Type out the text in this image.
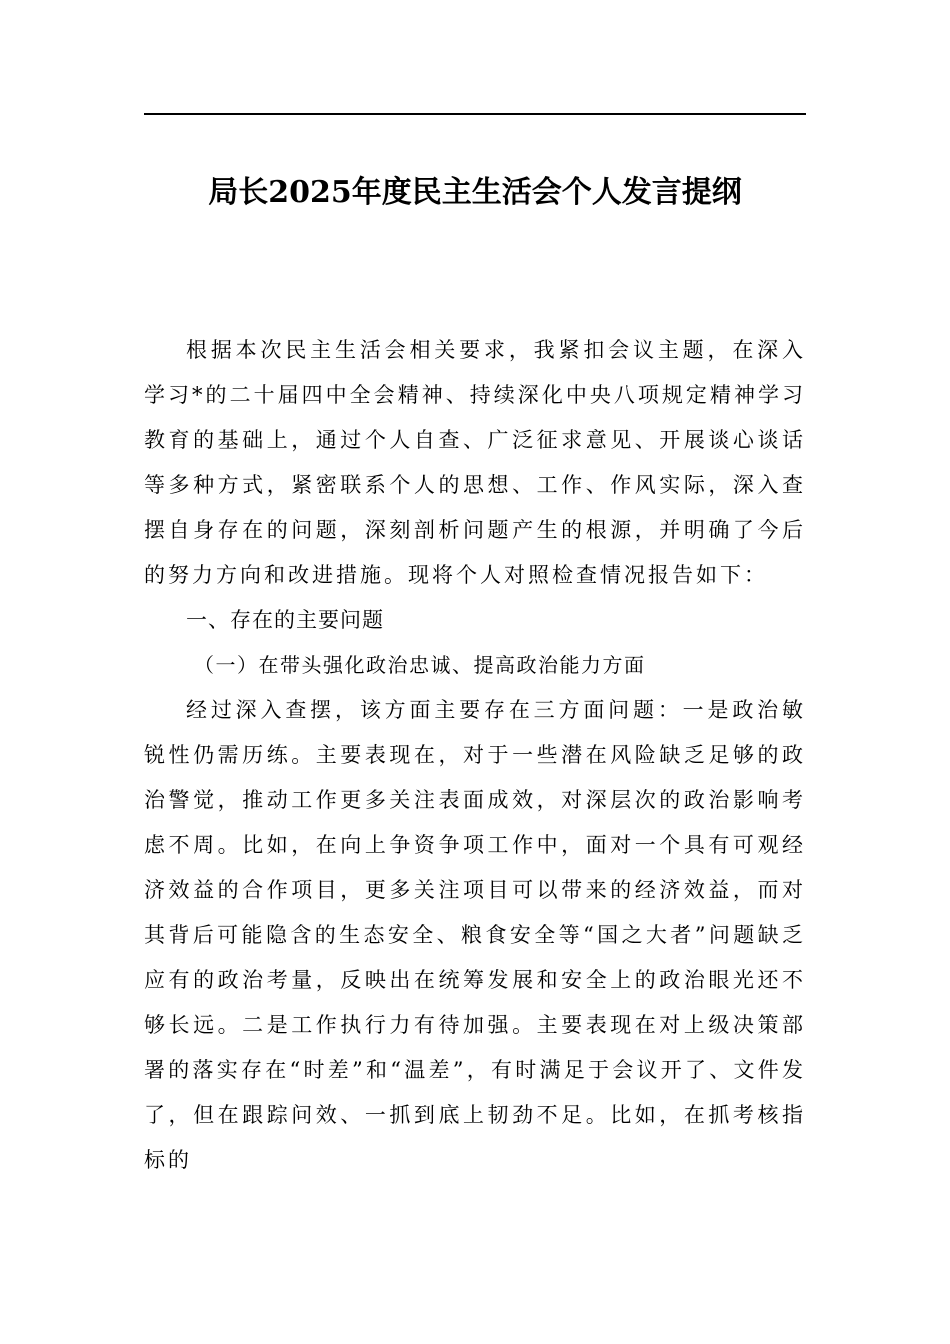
局长2025年度民主生活会个人发言提纲

根据本次民主生活会相关要求，我紧扣会议主题，在深入学习*的二十届四中全会精神、持续深化中央八项规定精神学习教育的基础上，通过个人自查、广泛征求意见、开展谈心谈话等多种方式，紧密联系个人的思想、工作、作风实际，深入查摆自身存在的问题，深刻剖析问题产生的根源，并明确了今后的努力方向和改进措施。现将个人对照检查情况报告如下：

一、存在的主要问题

（一）在带头强化政治忠诚、提高政治能力方面

经过深入查摆，该方面主要存在三方面问题：一是政治敏锐性仍需历练。主要表现在，对于一些潜在风险缺乏足够的政治警觉，推动工作更多关注表面成效，对深层次的政治影响考虑不周。比如，在向上争资争项工作中，面对一个具有可观经济效益的合作项目，更多关注项目可以带来的经济效益，而对其背后可能隐含的生态安全、粮食安全等“国之大者”问题缺乏应有的政治考量，反映出在统筹发展和安全上的政治眼光还不够长远。二是工作执行力有待加强。主要表现在对上级决策部署的落实存在“时差”和“温差”，有时满足于会议开了、文件发了，但在跟踪问效、一抓到底上韧劲不足。比如，在抓考核指标的
